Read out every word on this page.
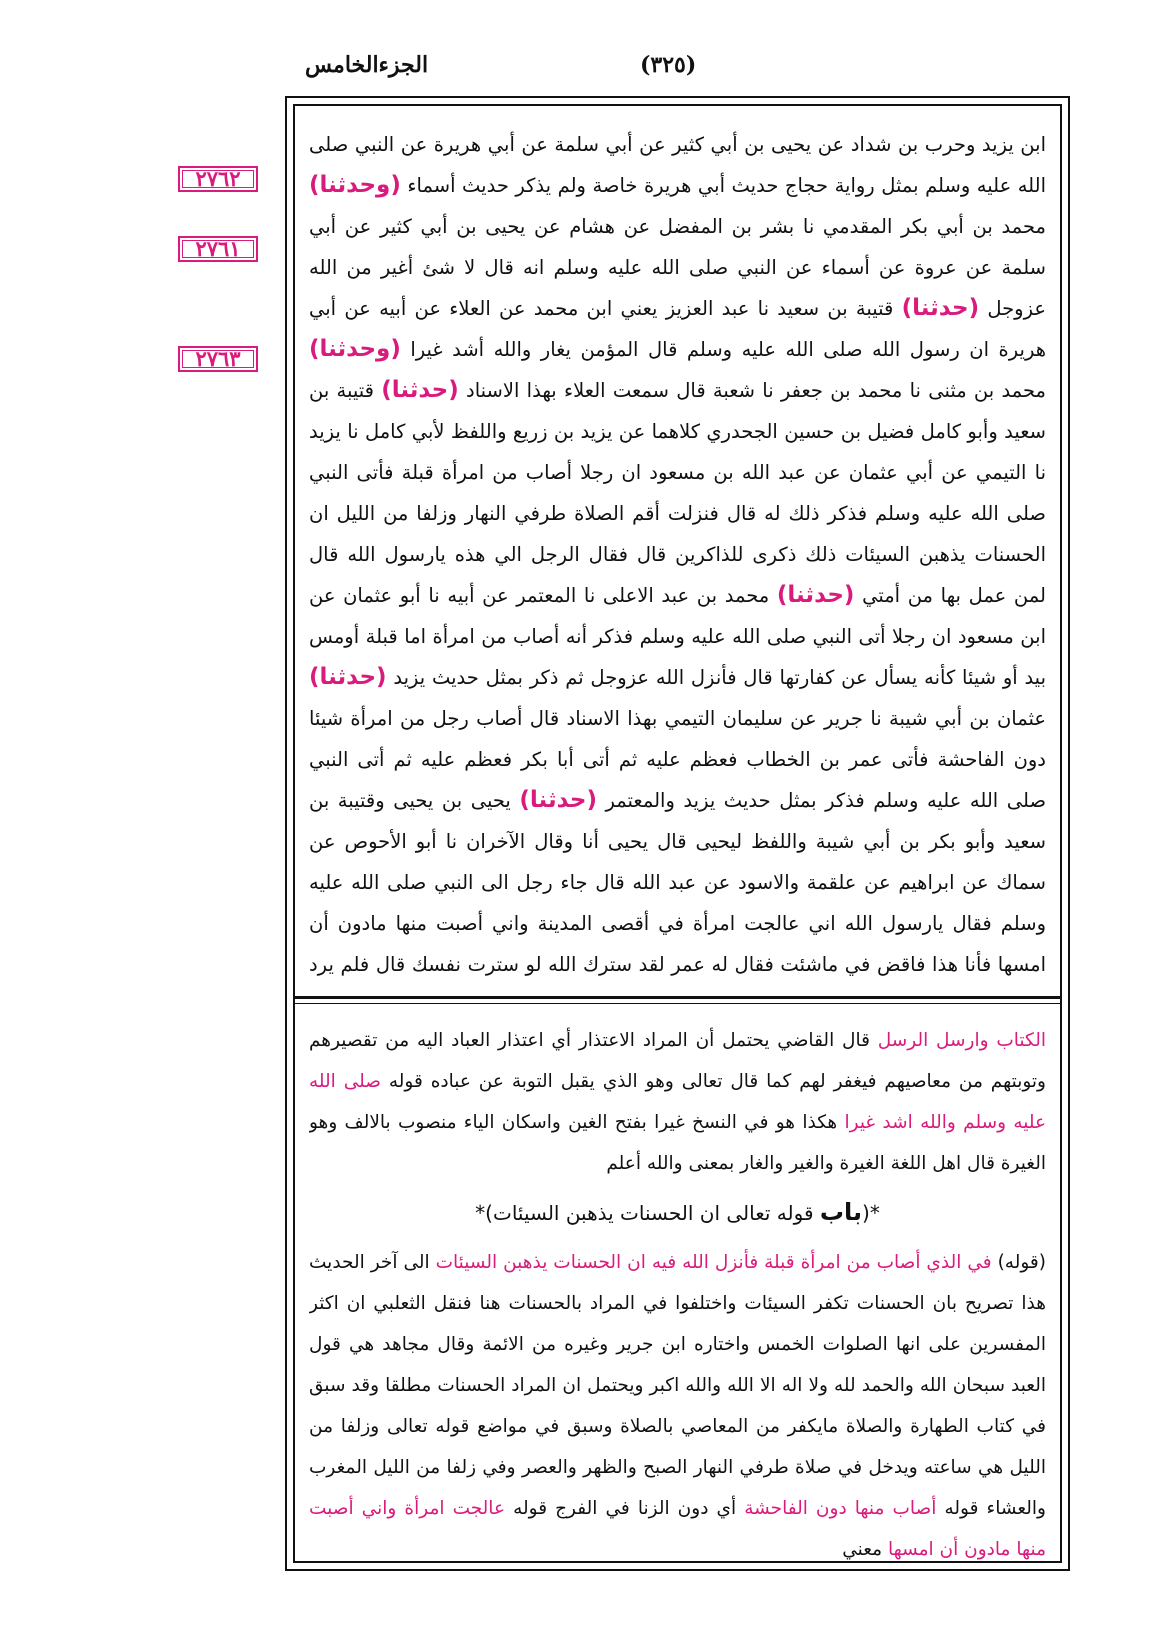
الجزءالخامس	(٣٢٥)
٢٧٦٢
٢٧٦١
٢٧٦٣
ابن يزيد وحرب بن شداد عن يحيى بن أبي كثير عن أبي سلمة عن أبي هريرة عن النبي صلى الله عليه وسلم بمثل رواية حجاج حديث أبي هريرة خاصة ولم يذكر حديث أسماء (وحدثنا) محمد بن أبي بكر المقدمي نا بشر بن المفضل عن هشام عن يحيى بن أبي كثير عن أبي سلمة عن عروة عن أسماء عن النبي صلى الله عليه وسلم انه قال لا شئ أغير من الله عزوجل (حدثنا) قتيبة بن سعيد نا عبد العزيز يعني ابن محمد عن العلاء عن أبيه عن أبي هريرة ان رسول الله صلى الله عليه وسلم قال المؤمن يغار والله أشد غيرا (وحدثنا) محمد بن مثنى نا محمد بن جعفر نا شعبة قال سمعت العلاء بهذا الاسناد (حدثنا) قتيبة بن سعيد وأبو كامل فضيل بن حسين الجحدري كلاهما عن يزيد بن زريع واللفظ لأبي كامل نا يزيد نا التيمي عن أبي عثمان عن عبد الله بن مسعود ان رجلا أصاب من امرأة قبلة فأتى النبي صلى الله عليه وسلم فذكر ذلك له قال فنزلت أقم الصلاة طرفي النهار وزلفا من الليل ان الحسنات يذهبن السيئات ذلك ذكرى للذاكرين قال فقال الرجل الي هذه يارسول الله قال لمن عمل بها من أمتي (حدثنا) محمد بن عبد الاعلى نا المعتمر عن أبيه نا أبو عثمان عن ابن مسعود ان رجلا أتى النبي صلى الله عليه وسلم فذكر أنه أصاب من امرأة اما قبلة أومس بيد أو شيئا كأنه يسأل عن كفارتها قال فأنزل الله عزوجل ثم ذكر بمثل حديث يزيد (حدثنا) عثمان بن أبي شيبة نا جرير عن سليمان التيمي بهذا الاسناد قال أصاب رجل من امرأة شيئا دون الفاحشة فأتى عمر بن الخطاب فعظم عليه ثم أتى أبا بكر فعظم عليه ثم أتى النبي صلى الله عليه وسلم فذكر بمثل حديث يزيد والمعتمر (حدثنا) يحيى بن يحيى وقتيبة بن سعيد وأبو بكر بن أبي شيبة واللفظ ليحيى قال يحيى أنا وقال الآخران نا أبو الأحوص عن سماك عن ابراهيم عن علقمة والاسود عن عبد الله قال جاء رجل الى النبي صلى الله عليه وسلم فقال يارسول الله اني عالجت امرأة في أقصى المدينة واني أصبت منها مادون أن امسها فأنا هذا فاقض في ماشئت فقال له عمر لقد سترك الله لو سترت نفسك قال فلم يرد
الكتاب وارسل الرسل قال القاضي يحتمل أن المراد الاعتذار أي اعتذار العباد اليه من تقصيرهم وتوبتهم من معاصيهم فيغفر لهم كما قال تعالى وهو الذي يقبل التوبة عن عباده قوله صلى الله عليه وسلم والله اشد غيرا هكذا هو في النسخ غيرا بفتح الغين واسكان الياء منصوب بالالف وهو الغيرة قال اهل اللغة الغيرة والغير والغار بمعنى والله أعلم
*(باب قوله تعالى ان الحسنات يذهبن السيئات)*
(قوله) في الذي أصاب من امرأة قبلة فأنزل الله فيه ان الحسنات يذهبن السيئات الى آخر الحديث هذا تصريح بان الحسنات تكفر السيئات واختلفوا في المراد بالحسنات هنا فنقل الثعلبي ان اكثر المفسرين على انها الصلوات الخمس واختاره ابن جرير وغيره من الائمة وقال مجاهد هي قول العبد سبحان الله والحمد لله ولا اله الا الله والله اكبر ويحتمل ان المراد الحسنات مطلقا وقد سبق في كتاب الطهارة والصلاة مايكفر من المعاصي بالصلاة وسبق في مواضع قوله تعالى وزلفا من الليل هي ساعته ويدخل في صلاة طرفي النهار الصبح والظهر والعصر وفي زلفا من الليل المغرب والعشاء قوله أصاب منها دون الفاحشة أي دون الزنا في الفرج قوله عالجت امرأة واني أصبت منها مادون أن امسها معني
